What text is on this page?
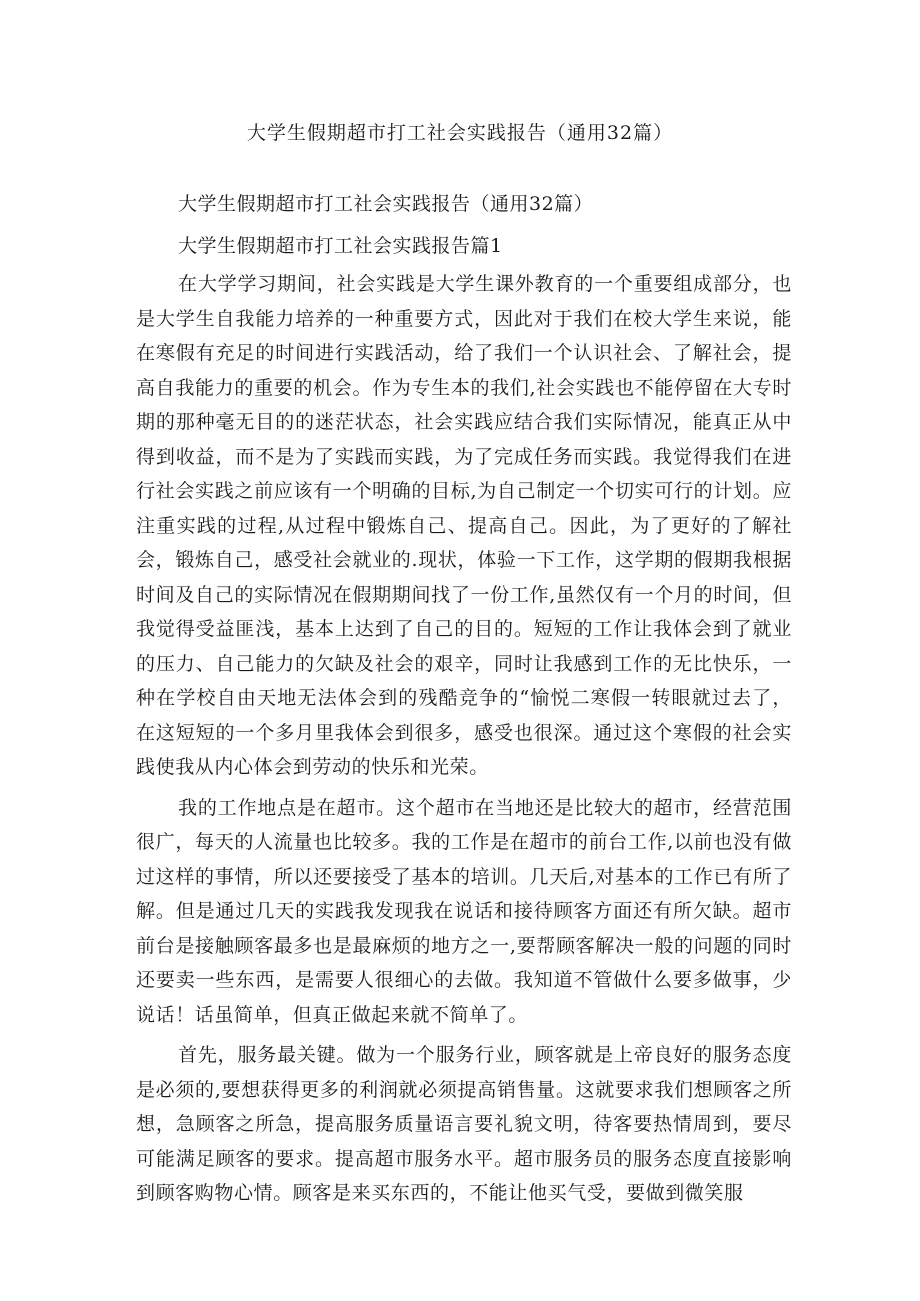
大学生假期超市打工社会实践报告（通用32篇）

大学生假期超市打工社会实践报告（通用32篇）

大学生假期超市打工社会实践报告篇1

在大学学习期间，社会实践是大学生课外教育的一个重要组成部分，也是大学生自我能力培养的一种重要方式，因此对于我们在校大学生来说，能在寒假有充足的时间进行实践活动，给了我们一个认识社会、了解社会，提高自我能力的重要的机会。作为专生本的我们,社会实践也不能停留在大专时期的那种毫无目的的迷茫状态，社会实践应结合我们实际情况，能真正从中得到收益，而不是为了实践而实践，为了完成任务而实践。我觉得我们在进行社会实践之前应该有一个明确的目标,为自己制定一个切实可行的计划。应注重实践的过程,从过程中锻炼自己、提高自己。因此，为了更好的了解社会，锻炼自己，感受社会就业的.现状，体验一下工作，这学期的假期我根据时间及自己的实际情况在假期期间找了一份工作,虽然仅有一个月的时间，但我觉得受益匪浅，基本上达到了自己的目的。短短的工作让我体会到了就业的压力、自己能力的欠缺及社会的艰辛，同时让我感到工作的无比快乐，一种在学校自由天地无法体会到的残酷竞争的“愉悦二寒假一转眼就过去了，在这短短的一个多月里我体会到很多，感受也很深。通过这个寒假的社会实践使我从内心体会到劳动的快乐和光荣。

我的工作地点是在超市。这个超市在当地还是比较大的超市，经营范围很广，每天的人流量也比较多。我的工作是在超市的前台工作,以前也没有做过这样的事情，所以还要接受了基本的培训。几天后,对基本的工作已有所了解。但是通过几天的实践我发现我在说话和接待顾客方面还有所欠缺。超市前台是接触顾客最多也是最麻烦的地方之一,要帮顾客解决一般的问题的同时还要卖一些东西，是需要人很细心的去做。我知道不管做什么要多做事，少说话！话虽简单，但真正做起来就不简单了。

首先，服务最关键。做为一个服务行业，顾客就是上帝良好的服务态度是必须的,要想获得更多的利润就必须提高销售量。这就要求我们想顾客之所想，急顾客之所急，提高服务质量语言要礼貌文明，待客要热情周到，要尽可能满足顾客的要求。提高超市服务水平。超市服务员的服务态度直接影响到顾客购物心情。顾客是来买东西的，不能让他买气受，要做到微笑服
